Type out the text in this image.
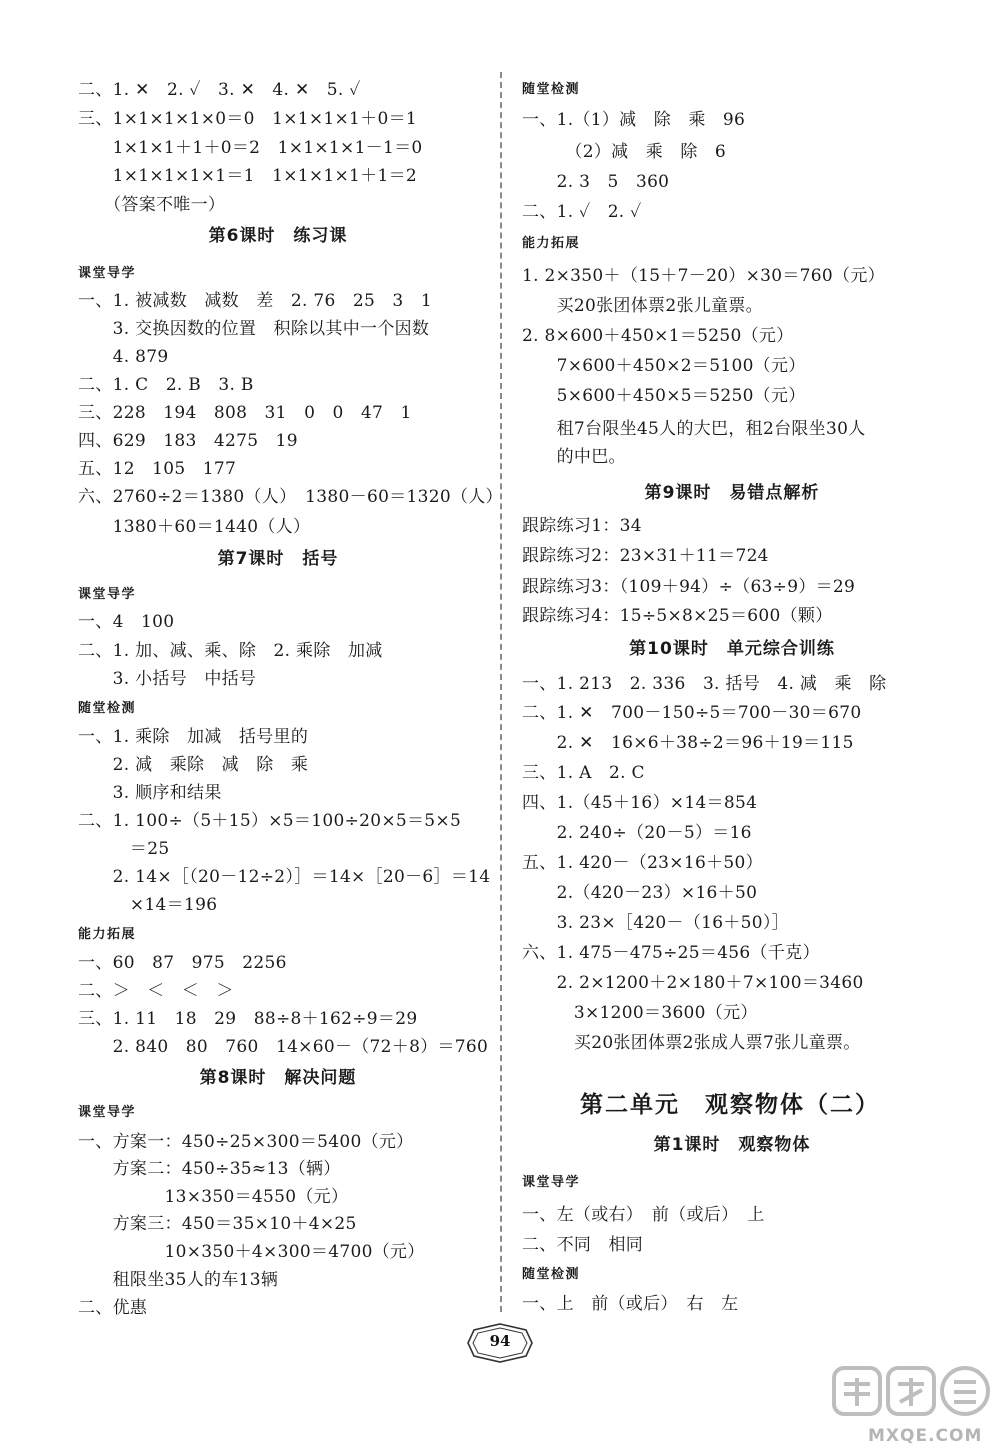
二、1. ✕　2. ✓　3. ✕　4. ✕　5. ✓
三、1×1×1×1×0＝0　1×1×1×1＋0＝1
　　1×1×1＋1＋0＝2　1×1×1×1－1＝0
　　1×1×1×1×1＝1　1×1×1×1＋1＝2
　　（答案不唯一）
第6课时　练习课
课堂导学
一、1. 被减数　减数　差　2. 76　25　3　1
　　3. 交换因数的位置　积除以其中一个因数
　　4. 879
二、1. C　2. B　3. B
三、228　194　808　31　0　0　47　1
四、629　183　4275　19
五、12　105　177
六、2760÷2＝1380（人）　1380－60＝1320（人）
　　1380＋60＝1440（人）
第7课时　括号
课堂导学
一、4　100
二、1. 加、减、乘、除　2. 乘除　加减
　　3. 小括号　中括号
随堂检测
一、1. 乘除　加减　括号里的
　　2. 减　乘除　减　除　乘
　　3. 顺序和结果
二、1. 100÷（5＋15）×5＝100÷20×5＝5×5
　　　＝25
　　2. 14×［（20－12÷2）］＝14×［20－6］＝14
　　　×14＝196
能力拓展
一、60　87　975　2256
二、＞　＜　＜　＞
三、1. 11　18　29　88÷8＋162÷9＝29
　　2. 840　80　760　14×60－（72＋8）＝760
第8课时　解决问题
课堂导学
一、方案一：450÷25×300＝5400（元）
　　方案二：450÷35≈13（辆）
　　　　　13×350＝4550（元）
　　方案三：450＝35×10＋4×25
　　　　　10×350＋4×300＝4700（元）
　　租限坐35人的车13辆
二、优惠
随堂检测
一、1.（1）减　除　乘　96
　　　（2）减　乘　除　6
　　2. 3　5　360
二、1. ✓　2. ✓
能力拓展
1. 2×350＋（15＋7－20）×30＝760（元）
　　买20张团体票2张儿童票。
2. 8×600＋450×1＝5250（元）
　　7×600＋450×2＝5100（元）
　　5×600＋450×5＝5250（元）
　　租7台限坐45人的大巴，租2台限坐30人
　　的中巴。
第9课时　易错点解析
跟踪练习1：34
跟踪练习2：23×31＋11＝724
跟踪练习3：（109＋94）÷（63÷9）＝29
跟踪练习4：15÷5×8×25＝600（颗）
第10课时　单元综合训练
一、1. 213　2. 336　3. 括号　4. 减　乘　除
二、1. ✕　700－150÷5＝700－30＝670
　　2. ✕　16×6＋38÷2＝96＋19＝115
三、1. A　2. C
四、1.（45＋16）×14＝854
　　2. 240÷（20－5）＝16
五、1. 420－（23×16＋50）
　　2.（420－23）×16＋50
　　3. 23×［420－（16＋50）］
六、1. 475－475÷25＝456（千克）
　　2. 2×1200＋2×180＋7×100＝3460
　　　3×1200＝3600（元）
　　　买20张团体票2张成人票7张儿童票。
第1课时　观察物体
课堂导学
一、左（或右）　前（或后）　上
二、不同　相同
随堂检测
一、上　前（或后）　右　左
第二单元　观察物体（二）
94
MXQE.COM
